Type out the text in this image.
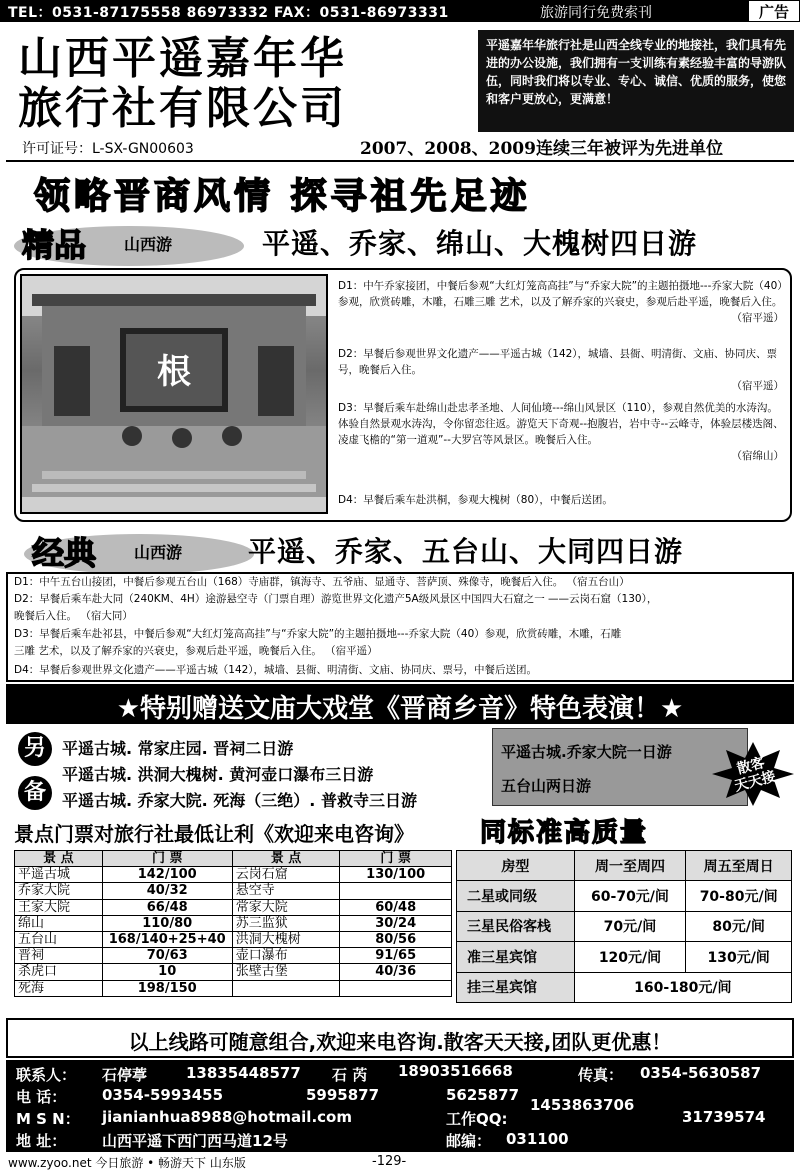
TEL：0531-87175558 86973332 FAX：0531-86973331	旅游同行免费索刊	广告
山西平遥嘉年华
旅行社有限公司
许可证号：L-SX-GN00603	2007、2008、2009连续三年被评为先进单位
平遥嘉年华旅行社是山西全线专业的地接社，我们具有先进的办公设施，我们拥有一支训练有素经验丰富的导游队伍，同时我们将以专业、专心、诚信、优质的服务，使您和客户更放心，更满意！
领略晋商风情 探寻祖先足迹
精品 山西游	平遥、乔家、绵山、大槐树四日游
根
D1：中午乔家接团，中餐后参观“大红灯笼高高挂”与“乔家大院”的主题拍摄地---乔家大院（40）参观，欣赏砖雕，木雕，石雕三雕 艺术，以及了解乔家的兴衰史，参观后赴平遥，晚餐后入住。
（宿平遥）
D2：早餐后参观世界文化遗产——平遥古城（142），城墙、县衙、明清街、文庙、协同庆、票号，晚餐后入住。
（宿平遥）
D3：早餐后乘车赴绵山赴忠孝圣地、人间仙境---绵山风景区（110），参观自然优美的水涛沟。体验自然景观水涛沟，令你留恋往返。游览天下奇观--抱腹岩，岩中寺--云峰寺，体验层楼迭阁、凌虚飞檐的“第一道观”--大罗宫等风景区。晚餐后入住。
（宿绵山）
D4：早餐后乘车赴洪桐，参观大槐树（80），中餐后送团。
经典 山西游 平遥、乔家、五台山、大同四日游
D1：中午五台山接团，中餐后参观五台山（168）寺庙群，镇海寺、五爷庙、显通寺、菩萨顶、殊像寺，晚餐后入住。 （宿五台山）
D2：早餐后乘车赴大同（240KM、4H）途游悬空寺（门票自理）游览世界文化遗产5A级风景区中国四大石窟之一 ——云岗石窟（130），
晚餐后入住。 （宿大同）
D3：早餐后乘车赴祁县，中餐后参观“大红灯笼高高挂”与“乔家大院”的主题拍摄地---乔家大院（40）参观，欣赏砖雕，木雕，石雕
三雕 艺术，以及了解乔家的兴衰史，参观后赴平遥，晚餐后入住。 （宿平遥）
D4：早餐后参观世界文化遗产——平遥古城（142），城墙、县衙、明清街、文庙、协同庆、票号，中餐后送团。
★特别赠送文庙大戏堂《晋商乡音》特色表演！★
另
备
平遥古城. 常家庄园. 晋祠二日游
平遥古城. 洪洞大槐树. 黄河壶口瀑布三日游
平遥古城. 乔家大院. 死海（三绝）. 普救寺三日游
平遥古城.乔家大院一日游
五台山两日游
散客
天天接
景点门票对旅行社最低让利《欢迎来电咨询》	同标准高质量
景 点	门 票	景 点	门 票
平遥古城	142/100	云岗石窟	130/100
乔家大院	40/32	悬空寺	
王家大院	66/48	常家大院	60/48
绵山	110/80	苏三监狱	30/24
五台山	168/140+25+40	洪洞大槐树	80/56
晋祠	70/63	壶口瀑布	91/65
杀虎口	10	张壁古堡	40/36
死海	198/150		
房型	周一至周四	周五至周日
二星或同级	60-70元/间	70-80元/间
三星民俗客栈	70元/间	80元/间
准三星宾馆	120元/间	130元/间
挂三星宾馆	160-180元/间	
以上线路可随意组合,欢迎来电咨询.散客天天接,团队更优惠！
联系人： 石停葶	13835448577 石 芮 18903516668	传真： 0354-5630587
电 话： 0354-5993455	5995877	5625877
M S N： jianianhua8988@hotmail.com	工作QQ:
1453863706
31739574
地 址： 山西平遥下西门西马道12号	邮编： 031100
www.zyoo.net 今日旅游 • 畅游天下 山东版	-129-
